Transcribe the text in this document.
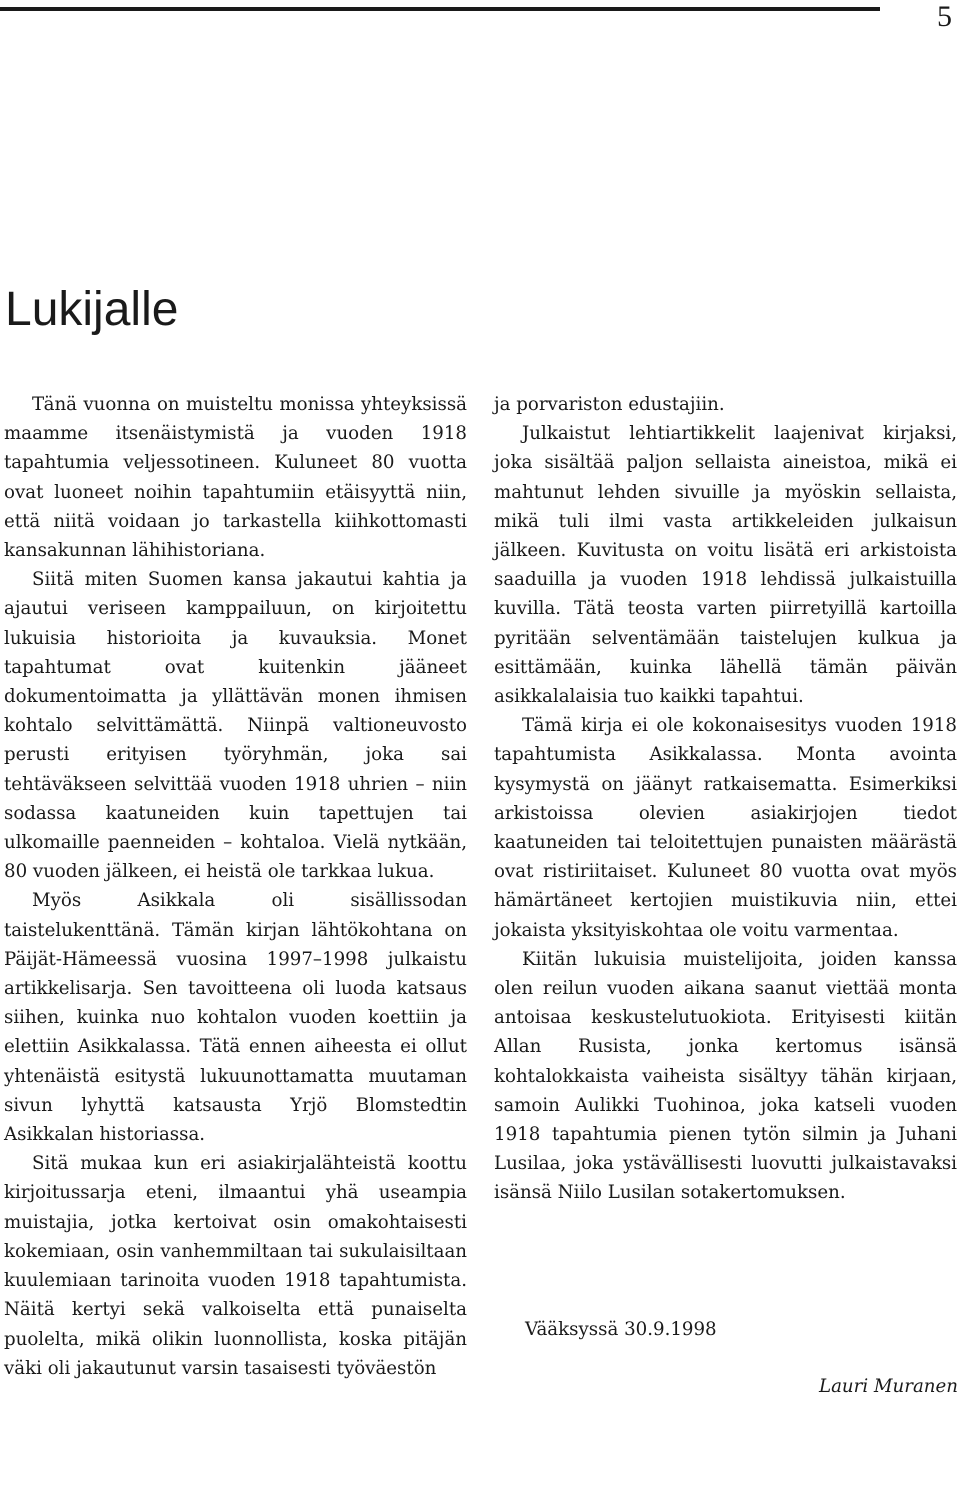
5
Lukijalle

Tänä vuonna on muisteltu monissa yhteyksissä maamme itsenäistymistä ja vuoden 1918 tapahtumia veljessotineen. Kuluneet 80 vuotta ovat luoneet noihin tapahtumiin etäisyyttä niin, että niitä voidaan jo tarkastella kiihkottomasti kansakunnan lähihistoriana.

Siitä miten Suomen kansa jakautui kahtia ja ajautui veriseen kamppailuun, on kirjoitettu lukuisia historioita ja kuvauksia. Monet tapahtumat ovat kuitenkin jääneet dokumentoimatta ja yllättävän monen ihmisen kohtalo selvittämättä. Niinpä valtioneuvosto perusti erityisen työryhmän, joka sai tehtäväkseen selvittää vuoden 1918 uhrien – niin sodassa kaatuneiden kuin tapettujen tai ulkomaille paenneiden – kohtaloa. Vielä nytkään, 80 vuoden jälkeen, ei heistä ole tarkkaa lukua.

Myös Asikkala oli sisällissodan taistelukenttänä. Tämän kirjan lähtökohtana on Päijät-Hämeessä vuosina 1997–1998 julkaistu artikkelisarja. Sen tavoitteena oli luoda katsaus siihen, kuinka nuo kohtalon vuoden koettiin ja elettiin Asikkalassa. Tätä ennen aiheesta ei ollut yhtenäistä esitystä lukuunottamatta muutaman sivun lyhyttä katsausta Yrjö Blomstedtin Asikkalan historiassa.

Sitä mukaa kun eri asiakirjalähteistä koottu kirjoitussarja eteni, ilmaantui yhä useampia muistajia, jotka kertoivat osin omakohtaisesti kokemiaan, osin vanhemmiltaan tai sukulaisiltaan kuulemiaan tarinoita vuoden 1918 tapahtumista. Näitä kertyi sekä valkoiselta että punaiselta puolelta, mikä olikin luonnollista, koska pitäjän väki oli jakautunut varsin tasaisesti työväestön

ja porvariston edustajiin.

Julkaistut lehtiartikkelit laajenivat kirjaksi, joka sisältää paljon sellaista aineistoa, mikä ei mahtunut lehden sivuille ja myöskin sellaista, mikä tuli ilmi vasta artikkeleiden julkaisun jälkeen. Kuvitusta on voitu lisätä eri arkistoista saaduilla ja vuoden 1918 lehdissä julkaistuilla kuvilla. Tätä teosta varten piirretyillä kartoilla pyritään selventämään taistelujen kulkua ja esittämään, kuinka lähellä tämän päivän asikkalalaisia tuo kaikki tapahtui.

Tämä kirja ei ole kokonaisesitys vuoden 1918 tapahtumista Asikkalassa. Monta avointa kysymystä on jäänyt ratkaisematta. Esimerkiksi arkistoissa olevien asiakirjojen tiedot kaatuneiden tai teloitettujen punaisten määrästä ovat ristiriitaiset. Kuluneet 80 vuotta ovat myös hämärtäneet kertojien muistikuvia niin, ettei jokaista yksityiskohtaa ole voitu varmentaa.

Kiitän lukuisia muistelijoita, joiden kanssa olen reilun vuoden aikana saanut viettää monta antoisaa keskustelutuokiota. Erityisesti kiitän Allan Rusista, jonka kertomus isänsä kohtalokkaista vaiheista sisältyy tähän kirjaan, samoin Aulikki Tuohinoa, joka katseli vuoden 1918 tapahtumia pienen tytön silmin ja Juhani Lusilaa, joka ystävällisesti luovutti julkaistavaksi isänsä Niilo Lusilan sotakertomuksen.

Vääksyssä 30.9.1998
Lauri Muranen
